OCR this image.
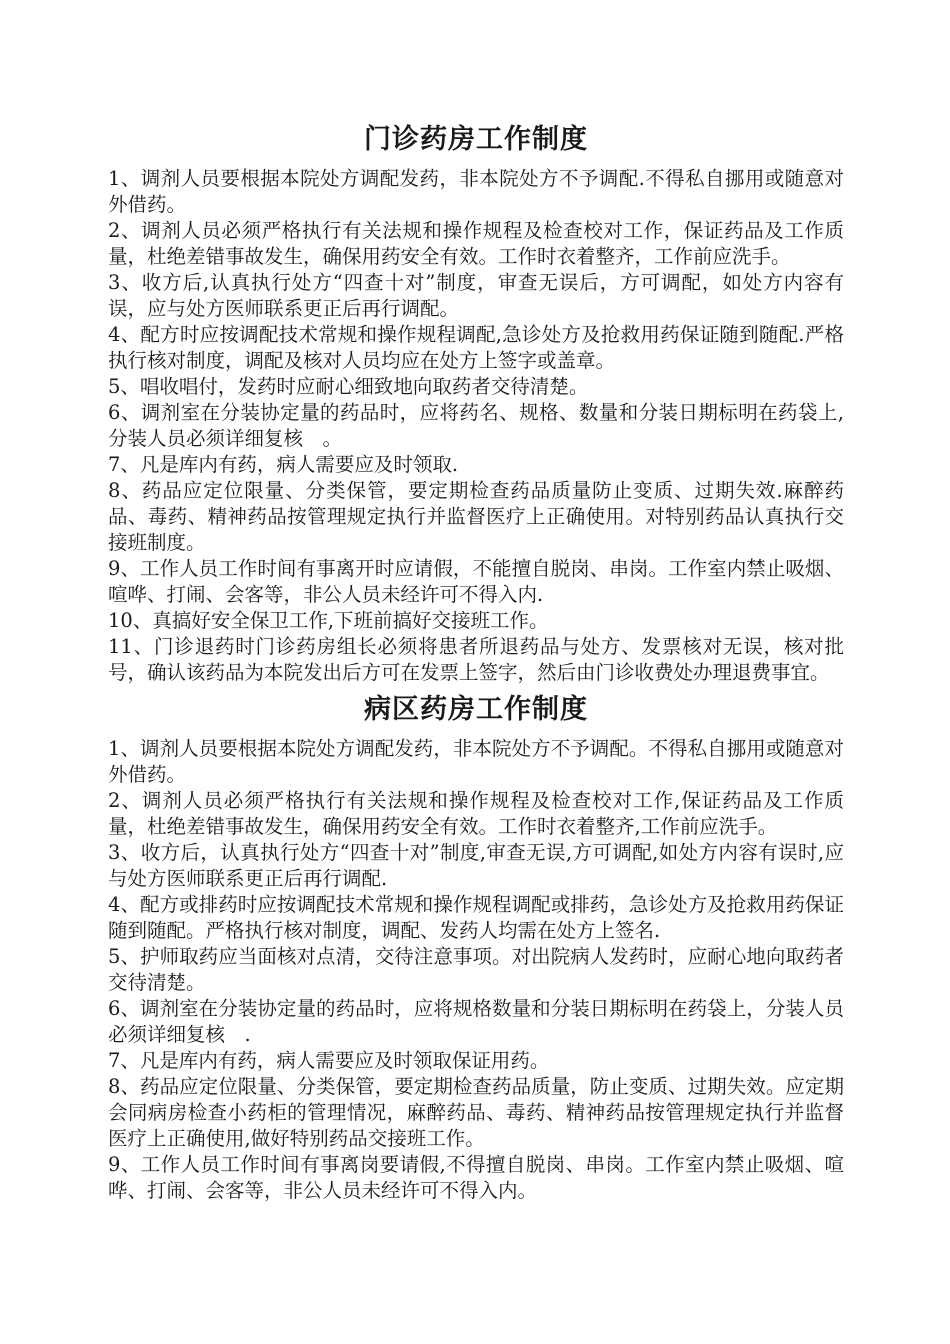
门诊药房工作制度

1、调剂人员要根据本院处方调配发药，非本院处方不予调配.不得私自挪用或随意对外借药。

2、调剂人员必须严格执行有关法规和操作规程及检查校对工作，保证药品及工作质量，杜绝差错事故发生，确保用药安全有效。工作时衣着整齐，工作前应洗手。

3、收方后,认真执行处方“四查十对”制度，审查无误后，方可调配，如处方内容有误，应与处方医师联系更正后再行调配。

4、配方时应按调配技术常规和操作规程调配,急诊处方及抢救用药保证随到随配.严格执行核对制度，调配及核对人员均应在处方上签字或盖章。

5、唱收唱付，发药时应耐心细致地向取药者交待清楚。

6、调剂室在分装协定量的药品时，应将药名、规格、数量和分装日期标明在药袋上,分装人员必须详细复核　。

7、凡是库内有药，病人需要应及时领取.

8、药品应定位限量、分类保管，要定期检查药品质量防止变质、过期失效.麻醉药品、毒药、精神药品按管理规定执行并监督医疗上正确使用。对特别药品认真执行交接班制度。

9、工作人员工作时间有事离开时应请假，不能擅自脱岗、串岗。工作室内禁止吸烟、喧哗、打闹、会客等，非公人员未经许可不得入内.

10、真搞好安全保卫工作,下班前搞好交接班工作。

11、门诊退药时门诊药房组长必须将患者所退药品与处方、发票核对无误，核对批号，确认该药品为本院发出后方可在发票上签字，然后由门诊收费处办理退费事宜。

病区药房工作制度

1、调剂人员要根据本院处方调配发药，非本院处方不予调配。不得私自挪用或随意对外借药。

2、调剂人员必须严格执行有关法规和操作规程及检查校对工作,保证药品及工作质量，杜绝差错事故发生，确保用药安全有效。工作时衣着整齐,工作前应洗手。

3、收方后，认真执行处方“四查十对”制度,审查无误,方可调配,如处方内容有误时,应与处方医师联系更正后再行调配.

4、配方或排药时应按调配技术常规和操作规程调配或排药，急诊处方及抢救用药保证随到随配。严格执行核对制度，调配、发药人均需在处方上签名.

5、护师取药应当面核对点清，交待注意事项。对出院病人发药时，应耐心地向取药者交待清楚。

6、调剂室在分装协定量的药品时，应将规格数量和分装日期标明在药袋上，分装人员必须详细复核　.

7、凡是库内有药，病人需要应及时领取保证用药。

8、药品应定位限量、分类保管，要定期检查药品质量，防止变质、过期失效。应定期会同病房检查小药柜的管理情况，麻醉药品、毒药、精神药品按管理规定执行并监督医疗上正确使用,做好特别药品交接班工作。

9、工作人员工作时间有事离岗要请假,不得擅自脱岗、串岗。工作室内禁止吸烟、喧哗、打闹、会客等，非公人员未经许可不得入内。
